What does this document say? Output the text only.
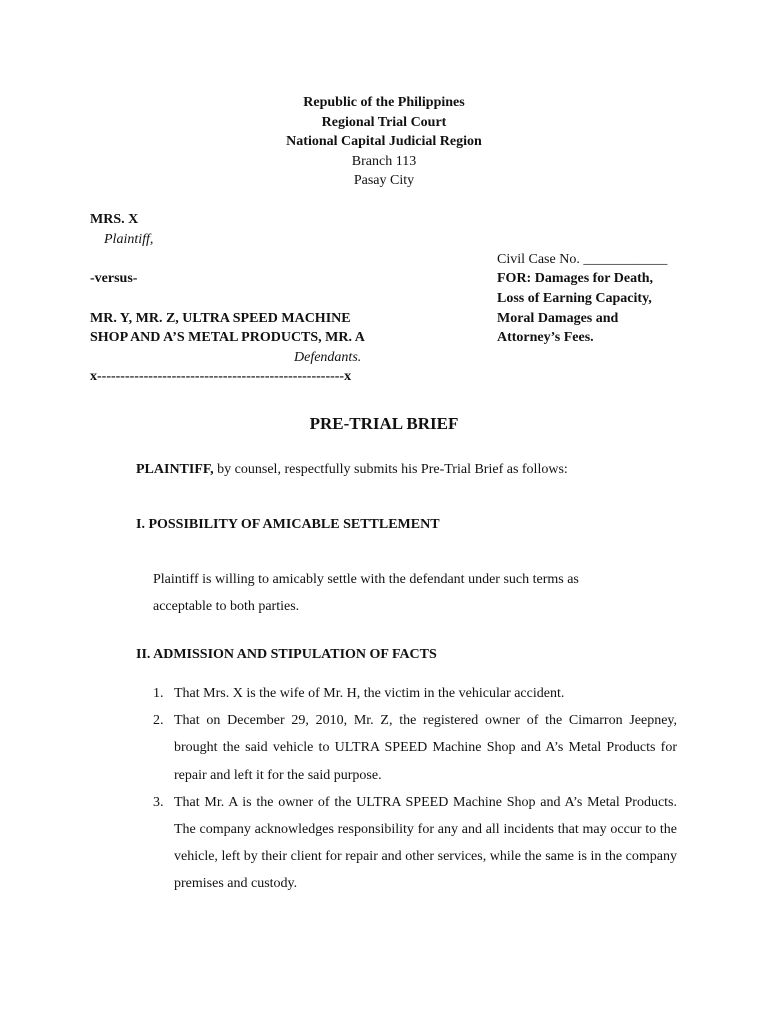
Republic of the Philippines
Regional Trial Court
National Capital Judicial Region
Branch 113
Pasay City
MRS. X
Plaintiff,
-versus-
MR. Y, MR. Z, ULTRA SPEED MACHINE
SHOP AND A’S METAL PRODUCTS, MR. A
Defendants.
x-----------------------------------------------------x
Civil Case No. ____________
FOR: Damages for Death,
Loss of Earning Capacity,
Moral Damages and
Attorney’s Fees.
PRE-TRIAL BRIEF
PLAINTIFF, by counsel, respectfully submits his Pre-Trial Brief as follows:
I. POSSIBILITY OF AMICABLE SETTLEMENT
Plaintiff is willing to amicably settle with the defendant under such terms as
acceptable to both parties.
II. ADMISSION AND STIPULATION OF FACTS
1. That Mrs. X is the wife of Mr. H, the victim in the vehicular accident.
2. That on December 29, 2010, Mr. Z, the registered owner of the Cimarron Jeepney, brought the said vehicle to ULTRA SPEED Machine Shop and A’s Metal Products for repair and left it for the said purpose.
3. That Mr. A is the owner of the ULTRA SPEED Machine Shop and A’s Metal Products. The company acknowledges responsibility for any and all incidents that may occur to the vehicle, left by their client for repair and other services, while the same is in the company premises and custody.
